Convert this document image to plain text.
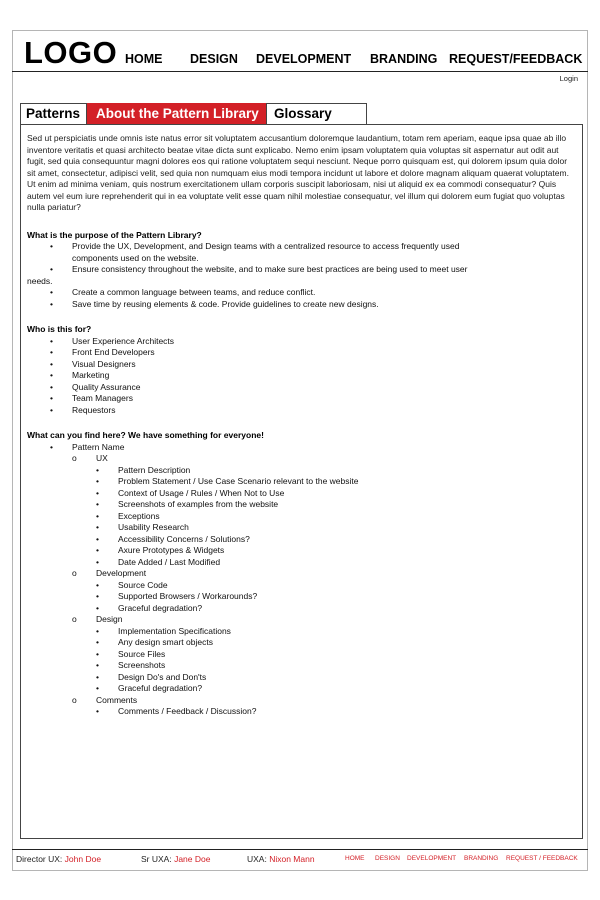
LOGO HOME DESIGN DEVELOPMENT BRANDING REQUEST/FEEDBACK
Login
Patterns	About the Pattern Library	Glossary

Sed ut perspiciatis unde omnis iste natus error sit voluptatem accusantium doloremque laudantium, totam rem aperiam, eaque ipsa quae ab illo inventore veritatis et quasi architecto beatae vitae dicta sunt explicabo. Nemo enim ipsam voluptatem quia voluptas sit aspernatur aut odit aut fugit, sed quia consequuntur magni dolores eos qui ratione voluptatem sequi nesciunt. Neque porro quisquam est, qui dolorem ipsum quia dolor sit amet, consectetur, adipisci velit, sed quia non numquam eius modi tempora incidunt ut labore et dolore magnam aliquam quaerat voluptatem. Ut enim ad minima veniam, quis nostrum exercitationem ullam corporis suscipit laboriosam, nisi ut aliquid ex ea commodi consequatur? Quis autem vel eum iure reprehenderit qui in ea voluptate velit esse quam nihil molestiae consequatur, vel illum qui dolorem eum fugiat quo voluptas nulla pariatur?

What is the purpose of the Pattern Library?
• Provide the UX, Development, and Design teams with a centralized resource to access frequently used
components used on the website.
• Ensure consistency throughout the website, and to make sure best practices are being used to meet user
needs.
• Create a common language between teams, and reduce conflict.
• Save time by reusing elements & code. Provide guidelines to create new designs.
Who is this for?
• User Experience Architects
• Front End Developers
• Visual Designers
• Marketing
• Quality Assurance
• Team Managers
• Requestors
What can you find here? We have something for everyone!
• Pattern Name
o UX
• Pattern Description
• Problem Statement / Use Case Scenario relevant to the website
• Context of Usage / Rules / When Not to Use
• Screenshots of examples from the website
• Exceptions
• Usability Research
• Accessibility Concerns / Solutions?
• Axure Prototypes & Widgets
• Date Added / Last Modified
o Development
• Source Code
• Supported Browsers / Workarounds?
• Graceful degradation?
o Design
• Implementation Specifications
• Any design smart objects
• Source Files
• Screenshots
• Design Do's and Don'ts
• Graceful degradation?
o Comments
• Comments / Feedback / Discussion?
Director UX: John Doe	Sr UXA: Jane Doe	UXA: Nixon Mann	HOME DESIGN DEVELOPMENT BRANDING REQUEST / FEEDBACK
